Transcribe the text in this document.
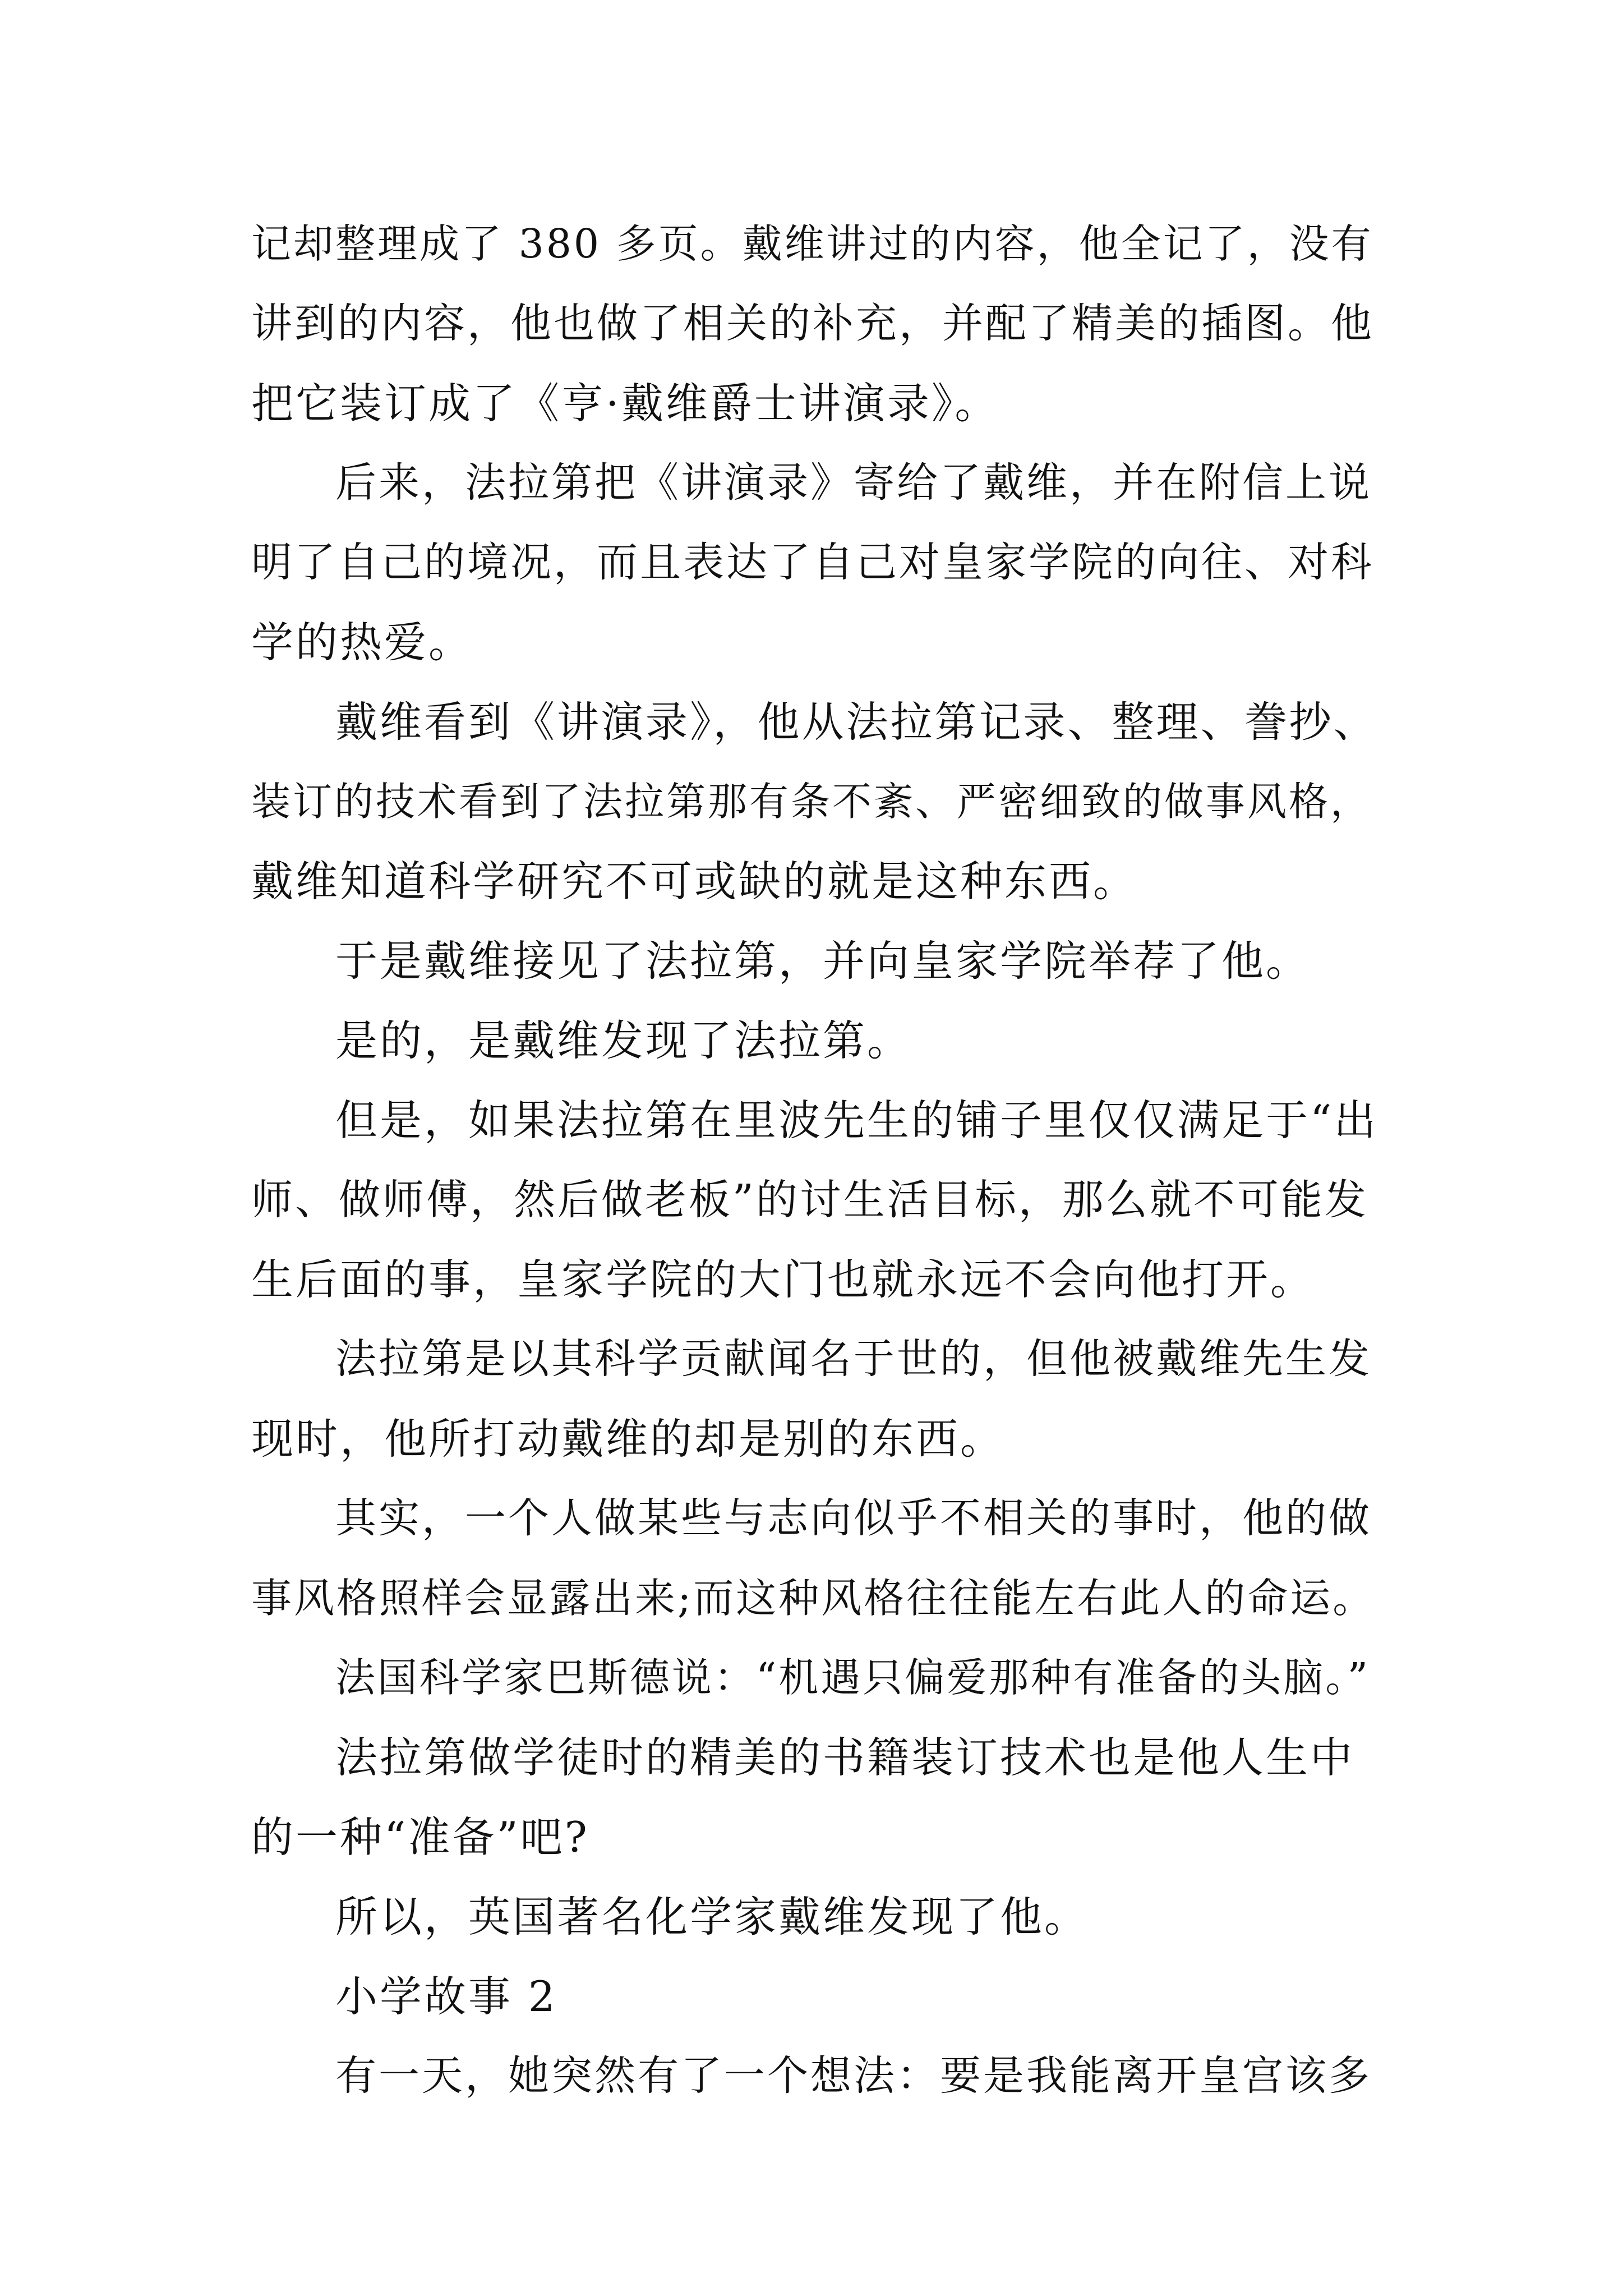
记却整理成了 380 多页。戴维讲过的内容，他全记了，没有
讲到的内容，他也做了相关的补充，并配了精美的插图。他
把它装订成了《亨·戴维爵士讲演录》。
后来，法拉第把《讲演录》寄给了戴维，并在附信上说
明了自己的境况，而且表达了自己对皇家学院的向往、对科
学的热爱。
戴维看到《讲演录》，他从法拉第记录、整理、誊抄、
装订的技术看到了法拉第那有条不紊、严密细致的做事风格，
戴维知道科学研究不可或缺的就是这种东西。
于是戴维接见了法拉第，并向皇家学院举荐了他。
是的，是戴维发现了法拉第。
但是，如果法拉第在里波先生的铺子里仅仅满足于“出
师、做师傅，然后做老板”的讨生活目标，那么就不可能发
生后面的事，皇家学院的大门也就永远不会向他打开。
法拉第是以其科学贡献闻名于世的，但他被戴维先生发
现时，他所打动戴维的却是别的东西。
其实，一个人做某些与志向似乎不相关的事时，他的做
事风格照样会显露出来;而这种风格往往能左右此人的命运。
法国科学家巴斯德说：“机遇只偏爱那种有准备的头脑。”
法拉第做学徒时的精美的书籍装订技术也是他人生中
的一种“准备”吧?
所以，英国著名化学家戴维发现了他。
小学故事 2
有一天，她突然有了一个想法：要是我能离开皇宫该多
